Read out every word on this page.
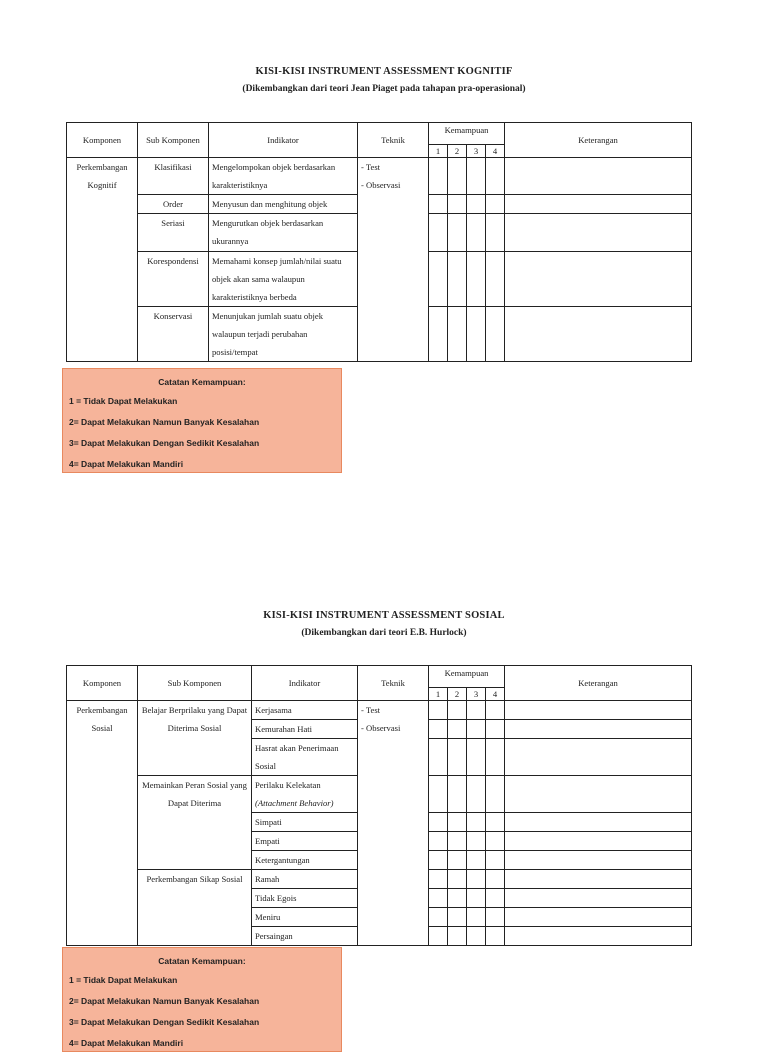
KISI-KISI INSTRUMENT ASSESSMENT KOGNITIF
(Dikembangkan dari teori Jean Piaget pada tahapan pra-operasional)
Komponen	Sub Komponen	Indikator	Teknik	Kemampuan				Keterangan
				1	2	3	4	
Perkembangan Kognitif	Klasifikasi	Mengelompokan objek berdasarkan karakteristiknya	- Test
- Observasi					

	Order	Menyusun dan menghitung objek						
	Seriasi	Mengurutkan objek berdasarkan ukurannya						
	Korespondensi	Memahami konsep jumlah/nilai suatu objek akan sama walaupun karakteristiknya berbeda						
	Konservasi	Menunjukan jumlah suatu objek walaupun terjadi perubahan posisi/tempat						
Catatan Kemampuan:
1 = Tidak Dapat Melakukan
2= Dapat Melakukan Namun Banyak Kesalahan
3= Dapat Melakukan Dengan Sedikit Kesalahan
4= Dapat Melakukan Mandiri
KISI-KISI INSTRUMENT ASSESSMENT SOSIAL
(Dikembangkan dari teori E.B. Hurlock)
Komponen	Sub Komponen	Indikator	Teknik	Kemampuan				Keterangan
				1	2	3	4	
Perkembangan Sosial	Belajar Berprilaku yang Dapat Diterima Sosial	Kerjasama	- Test
- Observasi					

		Kemurahan Hati						
		Hasrat akan Penerimaan Sosial						
	Memainkan Peran Sosial yang Dapat Diterima	Perilaku Kelekatan
(Attachment Behavior)						

		Simpati						
		Empati						
		Ketergantungan						
	Perkembangan Sikap Sosial	Ramah						
		Tidak Egois						
		Meniru						
		Persaingan						
Catatan Kemampuan:
1 = Tidak Dapat Melakukan
2= Dapat Melakukan Namun Banyak Kesalahan
3= Dapat Melakukan Dengan Sedikit Kesalahan
4= Dapat Melakukan Mandiri
